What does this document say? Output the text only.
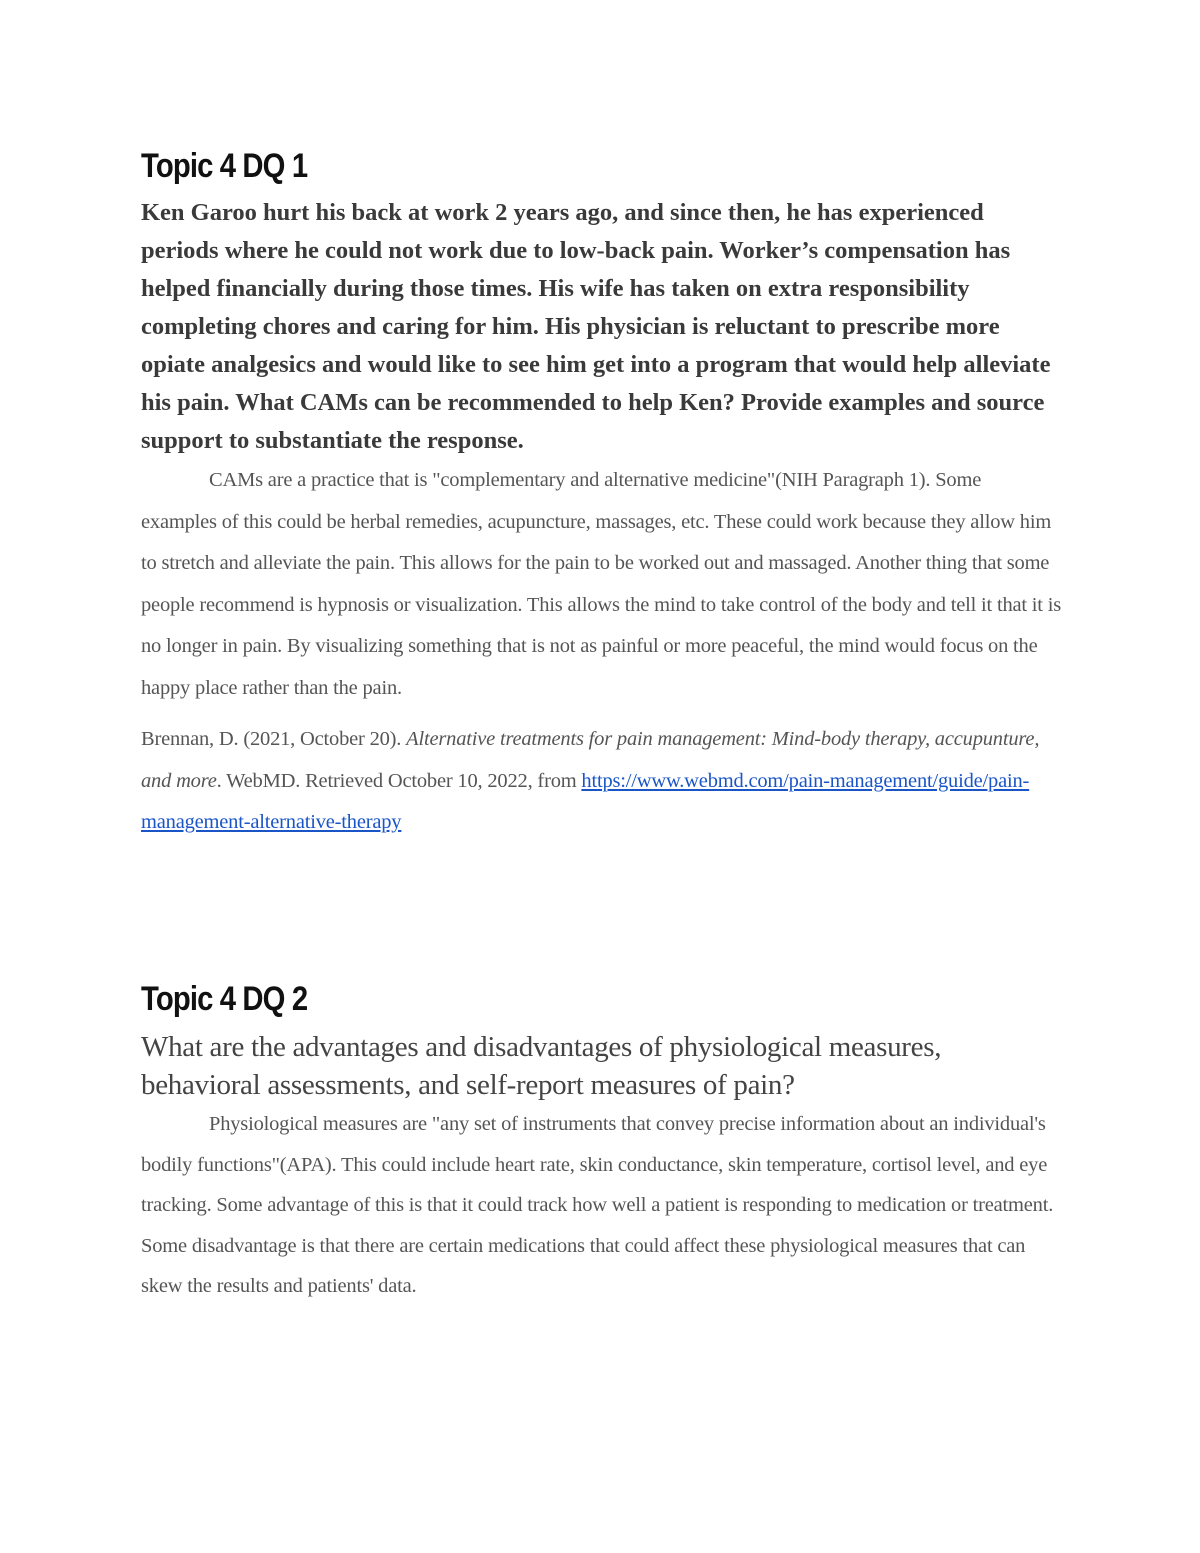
Topic 4 DQ 1

Ken Garoo hurt his back at work 2 years ago, and since then, he has experienced periods where he could not work due to low-back pain. Worker’s compensation has helped financially during those times. His wife has taken on extra responsibility completing chores and caring for him. His physician is reluctant to prescribe more opiate analgesics and would like to see him get into a program that would help alleviate his pain. What CAMs can be recommended to help Ken? Provide examples and source support to substantiate the response.

CAMs are a practice that is "complementary and alternative medicine"(NIH Paragraph 1). Some examples of this could be herbal remedies, acupuncture, massages, etc. These could work because they allow him to stretch and alleviate the pain. This allows for the pain to be worked out and massaged. Another thing that some people recommend is hypnosis or visualization. This allows the mind to take control of the body and tell it that it is no longer in pain. By visualizing something that is not as painful or more peaceful, the mind would focus on the happy place rather than the pain.

Brennan, D. (2021, October 20). Alternative treatments for pain management: Mind-body therapy, accupunture, and more. WebMD. Retrieved October 10, 2022, from https://www.webmd.com/pain-management/guide/pain-management-alternative-therapy

Topic 4 DQ 2

What are the advantages and disadvantages of physiological measures, behavioral assessments, and self-report measures of pain?

Physiological measures are "any set of instruments that convey precise information about an individual's bodily functions"(APA). This could include heart rate, skin conductance, skin temperature, cortisol level, and eye tracking. Some advantage of this is that it could track how well a patient is responding to medication or treatment. Some disadvantage is that there are certain medications that could affect these physiological measures that can skew the results and patients' data.
